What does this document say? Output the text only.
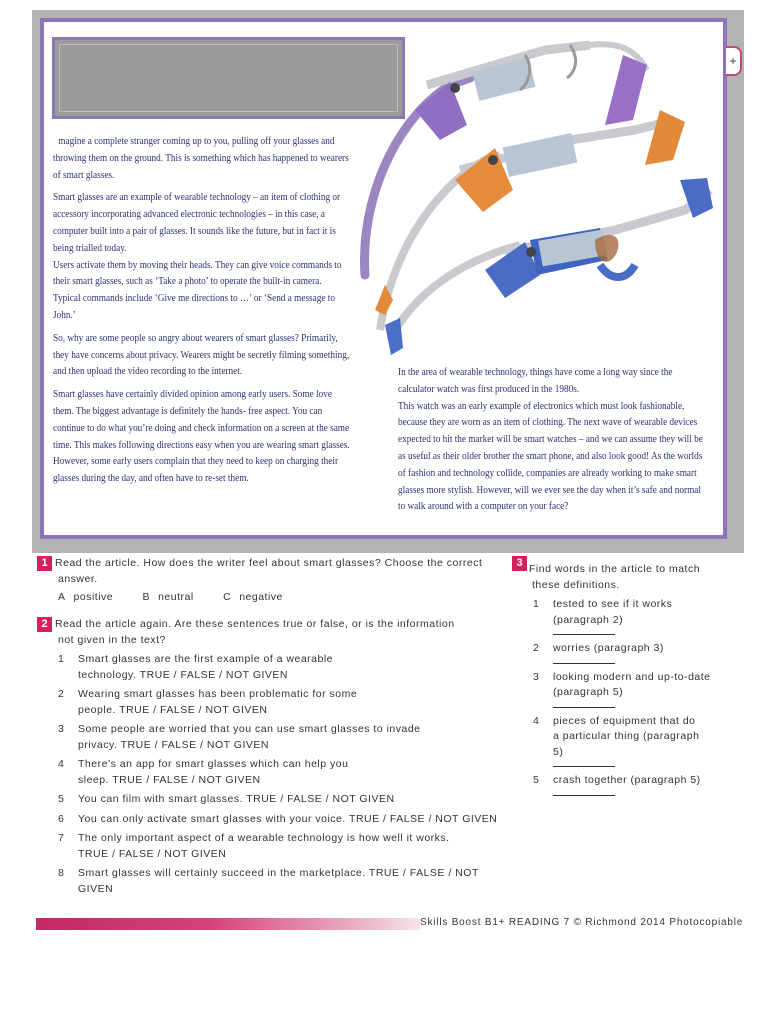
+

magine a complete stranger coming up to you, pulling off your glasses and throwing them on the ground. This is something which has happened to wearers of smart glasses.

Smart glasses are an example of wearable technology – an item of clothing or accessory incorporating advanced electronic technologies – in this case, a computer built into a pair of glasses. It sounds like the future, but in fact it is being trialled today.

Users activate them by moving their heads. They can give voice commands to their smart glasses, such as ‘Take a photo’ to operate the built-in camera. Typical commands include ‘Give me directions to …’ or ‘Send a message to John.’

So, why are some people so angry about wearers of smart glasses? Primarily, they have concerns about privacy. Wearers might be secretly filming something, and then upload the video recording to the internet.

Smart glasses have certainly divided opinion among early users. Some love them. The biggest advantage is definitely the hands- free aspect. You can continue to do what you’re doing and check information on a screen at the same time. This makes following directions easy when you are wearing smart glasses. However, some early users complain that they need to keep on charging their glasses during the day, and often have to re-set them.

In the area of wearable technology, things have come a long way since the calculator watch was first produced in the 1980s.

This watch was an early example of electronics which must look fashionable, because they are worn as an item of clothing. The next wave of wearable devices expected to hit the market will be smart watches – and we can assume they will be as useful as their older brother the smart phone, and also look good! As the worlds of fashion and technology collide, companies are already working to make smart glasses more stylish. However, will we ever see the day when it’s safe and normal to walk around with a computer on your face?

1 Read the article. How does the writer feel about smart glasses? Choose the correct
answer.
A positive	B neutral	C negative
2 Read the article again. Are these sentences true or false, or is the information
not given in the text?
1 Smart glasses are the first example of a wearable
technology. TRUE / FALSE / NOT GIVEN
2 Wearing smart glasses has been problematic for some
people. TRUE / FALSE / NOT GIVEN
3 Some people are worried that you can use smart glasses to invade
privacy. TRUE / FALSE / NOT GIVEN
4 There’s an app for smart glasses which can help you
sleep. TRUE / FALSE / NOT GIVEN
5 You can film with smart glasses. TRUE / FALSE / NOT GIVEN
6 You can only activate smart glasses with your voice. TRUE / FALSE / NOT GIVEN
7 The only important aspect of a wearable technology is how well it works.
TRUE / FALSE / NOT GIVEN
8 Smart glasses will certainly succeed in the marketplace. TRUE / FALSE / NOT
GIVEN
3 Find words in the article to match
these definitions.
1 tested to see if it works
(paragraph 2)
2 worries (paragraph 3)
3 looking modern and up-to-date
(paragraph 5)
4 pieces of equipment that do
a particular thing (paragraph
5)
5 crash together (paragraph 5)
Skills Boost B1+ READING 7 © Richmond 2014 Photocopiable
